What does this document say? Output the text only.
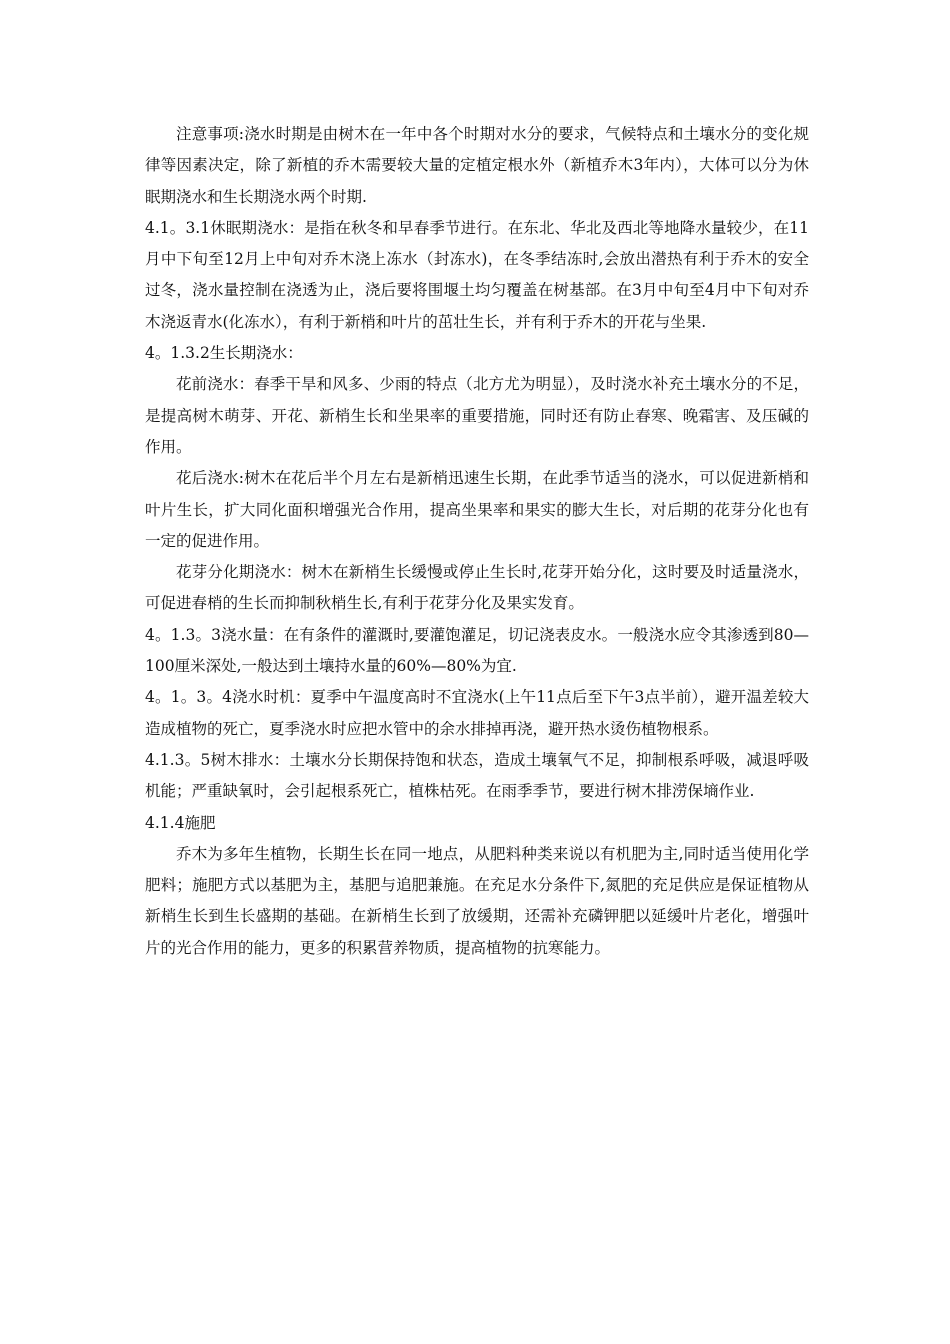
注意事项:浇水时期是由树木在一年中各个时期对水分的要求，气候特点和土壤水分的变化规律等因素决定，除了新植的乔木需要较大量的定植定根水外（新植乔木3年内），大体可以分为休眠期浇水和生长期浇水两个时期.

4.1。3.1休眠期浇水：是指在秋冬和早春季节进行。在东北、华北及西北等地降水量较少，在11月中下旬至12月上中旬对乔木浇上冻水（封冻水)，在冬季结冻时,会放出潜热有利于乔木的安全过冬，浇水量控制在浇透为止，浇后要将围堰土均匀覆盖在树基部。在3月中旬至4月中下旬对乔木浇返青水(化冻水），有利于新梢和叶片的茁壮生长，并有利于乔木的开花与坐果.

4。1.3.2生长期浇水：

花前浇水：春季干旱和风多、少雨的特点（北方尤为明显），及时浇水补充土壤水分的不足，是提高树木萌芽、开花、新梢生长和坐果率的重要措施，同时还有防止春寒、晚霜害、及压碱的作用。

花后浇水:树木在花后半个月左右是新梢迅速生长期，在此季节适当的浇水，可以促进新梢和叶片生长，扩大同化面积增强光合作用，提高坐果率和果实的膨大生长，对后期的花芽分化也有一定的促进作用。

花芽分化期浇水：树木在新梢生长缓慢或停止生长时,花芽开始分化，这时要及时适量浇水，可促进春梢的生长而抑制秋梢生长,有利于花芽分化及果实发育。

4。1.3。3浇水量：在有条件的灌溉时,要灌饱灌足，切记浇表皮水。一般浇水应令其渗透到80—100厘米深处,一般达到土壤持水量的60%—80%为宜.

4。1。3。4浇水时机：夏季中午温度高时不宜浇水(上午11点后至下午3点半前），避开温差较大造成植物的死亡，夏季浇水时应把水管中的余水排掉再浇，避开热水烫伤植物根系。

4.1.3。5树木排水：土壤水分长期保持饱和状态，造成土壤氧气不足，抑制根系呼吸，减退呼吸机能；严重缺氧时，会引起根系死亡，植株枯死。在雨季季节，要进行树木排涝保墒作业.

4.1.4施肥

乔木为多年生植物，长期生长在同一地点，从肥料种类来说以有机肥为主,同时适当使用化学肥料；施肥方式以基肥为主，基肥与追肥兼施。在充足水分条件下,氮肥的充足供应是保证植物从新梢生长到生长盛期的基础。在新梢生长到了放缓期，还需补充磷钾肥以延缓叶片老化，增强叶片的光合作用的能力，更多的积累营养物质，提高植物的抗寒能力。
